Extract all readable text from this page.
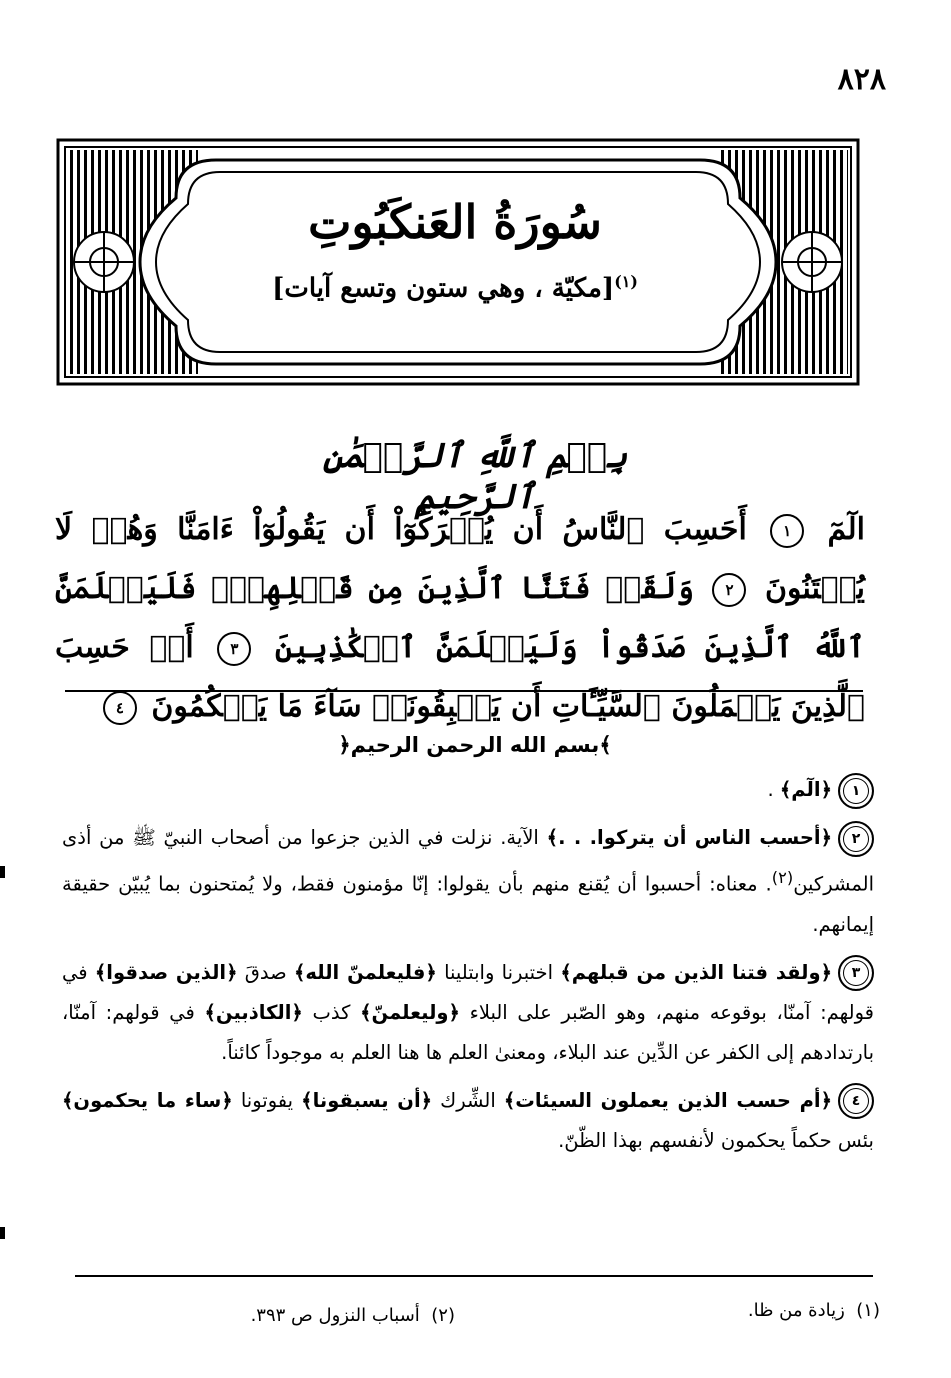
٨٢٨
سُورَةُ العَنكَبُوتِ
[مكيّة ، وهي ستون وتسع آيات]$^{(١)}$
بِسۡمِ ٱللَّهِ ٱلرَّحۡمَٰنِ ٱلرَّحِيمِ
الٓمٓ ١ أَحَسِبَ ٱلنَّاسُ أَن يُتۡرَكُوٓاْ أَن يَقُولُوٓاْ ءَامَنَّا وَهُمۡ لَا يُفۡتَنُونَ ٢ وَلَقَدۡ فَتَنَّا ٱلَّذِينَ مِن قَبۡلِهِمۡۖ فَلَيَعۡلَمَنَّ ٱللَّهُ ٱلَّذِينَ صَدَقُواْ وَلَيَعۡلَمَنَّ ٱلۡكَٰذِبِينَ ٣ أَمۡ حَسِبَ ٱلَّذِينَ يَعۡمَلُونَ ٱلسَّيِّـَٔاتِ أَن يَسۡبِقُونَاۚ سَآءَ مَا يَحۡكُمُونَ ٤
﴿بسم الله الرحمن الرحيم﴾

١﴿الٓم﴾ .

٢﴿أحسب الناس أن يتركوا. . .﴾ الآية. نزلت في الذين جزعوا من أصحاب النبيّ ﷺ من أذى المشركين$^{(٢)}$. معناه: أحسبوا أن يُقنع منهم بأن يقولوا: إنّا مؤمنون فقط، ولا يُمتحنون بما يُبيّن حقيقة إيمانهم.

٣﴿ولقد فتنا الذين من قبلهم﴾ اختبرنا وابتلينا ﴿فليعلمنّ الله﴾ صدقَ ﴿الذين صدقوا﴾ في قولهم: آمنّا، بوقوعه منهم، وهو الصّبر على البلاء ﴿وليعلمنّ﴾ كذب ﴿الكاذبين﴾ في قولهم: آمنّا، بارتدادهم إلى الكفر عن الدِّين عند البلاء، ومعنىٰ العلم ها هنا العلم به موجوداً كائناً.

٤﴿أم حسب الذين يعملون السيئات﴾ الشِّرك ﴿أن يسبقونا﴾ يفوتونا ﴿ساء ما يحكمون﴾ بئس حكماً يحكمون لأنفسهم بهذا الظّنّ.

(١)  زيادة من ظا.
(٢)  أسباب النزول ص ٣٩٣.
